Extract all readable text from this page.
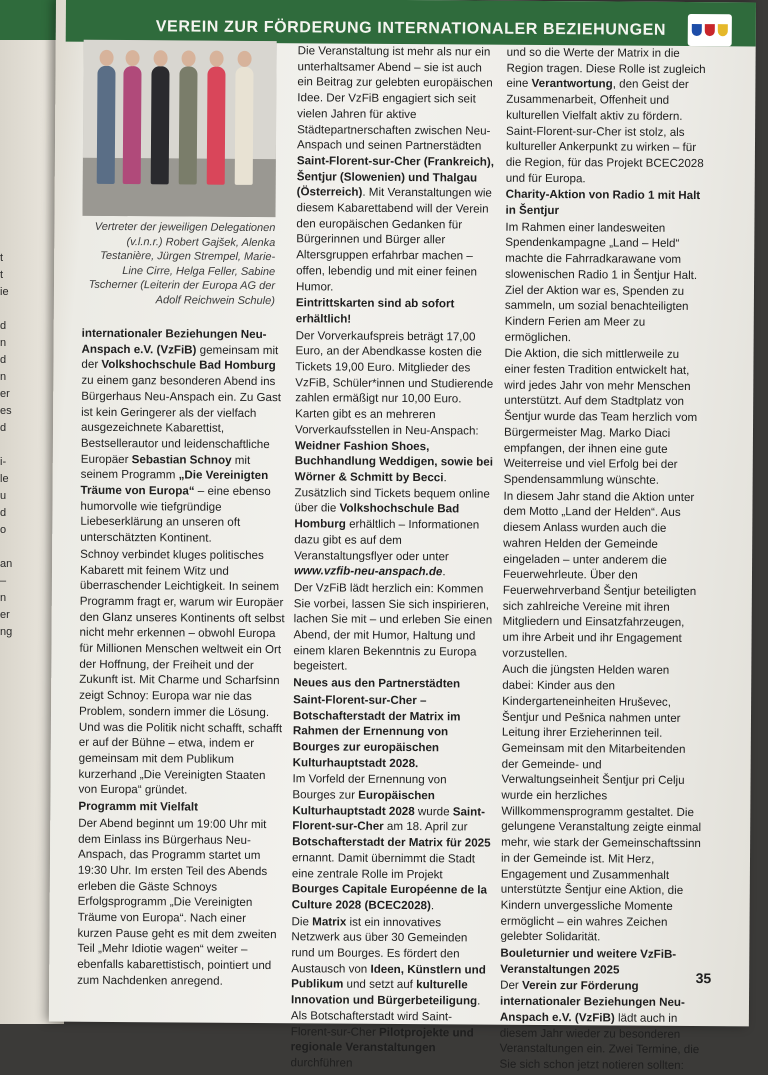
t
t
ie

d
n
d
n
er
es
d

i-
le
u
d
o

an
–
n
er
ng
VEREIN ZUR FÖRDERUNG INTERNATIONALER BEZIEHUNGEN
Vertreter der jeweiligen Delegationen (v.l.n.r.) Robert Gajšek, Alenka Testanière, Jürgen Strempel, Marie-Line Cirre, Helga Feller, Sabine Tscherner (Leiterin der Europa AG der Adolf Reichwein Schule)

internationaler Beziehungen Neu-Anspach e.V. (VzFiB) gemeinsam mit der Volkshochschule Bad Homburg zu einem ganz besonderen Abend ins Bürgerhaus Neu-Anspach ein. Zu Gast ist kein Geringerer als der vielfach ausgezeichnete Kabarettist, Bestsellerautor und leidenschaftliche Europäer Sebastian Schnoy mit seinem Programm „Die Vereinigten Träume von Europa“ – eine ebenso humorvolle wie tiefgründige Liebeserklärung an unseren oft unterschätzten Kontinent.

Schnoy verbindet kluges politisches Kabarett mit feinem Witz und überraschender Leichtigkeit. In seinem Programm fragt er, warum wir Europäer den Glanz unseres Kontinents oft selbst nicht mehr erkennen – obwohl Europa für Millionen Menschen weltweit ein Ort der Hoffnung, der Freiheit und der Zukunft ist. Mit Charme und Scharfsinn zeigt Schnoy: Europa war nie das Problem, sondern immer die Lösung. Und was die Politik nicht schafft, schafft er auf der Bühne – etwa, indem er gemeinsam mit dem Publikum kurzerhand „Die Vereinigten Staaten von Europa“ gründet.

Programm mit Vielfalt

Der Abend beginnt um 19:00 Uhr mit dem Einlass ins Bürgerhaus Neu-Anspach, das Programm startet um 19:30 Uhr. Im ersten Teil des Abends erleben die Gäste Schnoys Erfolgsprogramm „Die Vereinigten Träume von Europa“. Nach einer kurzen Pause geht es mit dem zweiten Teil „Mehr Idiotie wagen“ weiter – ebenfalls kabarettistisch, pointiert und zum Nachdenken anregend.

Die Veranstaltung ist mehr als nur ein unterhaltsamer Abend – sie ist auch ein Beitrag zur gelebten europäischen Idee. Der VzFiB engagiert sich seit vielen Jahren für aktive Städtepartnerschaften zwischen Neu-Anspach und seinen Partnerstädten Saint-Florent-sur-Cher (Frankreich), Šentjur (Slowenien) und Thalgau (Österreich). Mit Veranstaltungen wie diesem Kabarettabend will der Verein den europäischen Gedanken für Bürgerinnen und Bürger aller Altersgruppen erfahrbar machen – offen, lebendig und mit einer feinen Humor.

Eintrittskarten sind ab sofort erhältlich!

Der Vorverkaufspreis beträgt 17,00 Euro, an der Abendkasse kosten die Tickets 19,00 Euro. Mitglieder des VzFiB, Schüler*innen und Studierende zahlen ermäßigt nur 10,00 Euro. Karten gibt es an mehreren Vorverkaufsstellen in Neu-Anspach: Weidner Fashion Shoes, Buchhandlung Weddigen, sowie bei Wörner & Schmitt by Becci. Zusätzlich sind Tickets bequem online über die Volkshochschule Bad Homburg erhältlich – Informationen dazu gibt es auf dem Veranstaltungsflyer oder unter www.vzfib-neu-anspach.de.

Der VzFiB lädt herzlich ein: Kommen Sie vorbei, lassen Sie sich inspirieren, lachen Sie mit – und erleben Sie einen Abend, der mit Humor, Haltung und einem klaren Bekenntnis zu Europa begeistert.

Neues aus den Partnerstädten

Saint-Florent-sur-Cher – Botschafterstadt der Matrix im Rahmen der Ernennung von Bourges zur europäischen Kulturhauptstadt 2028.

Im Vorfeld der Ernennung von Bourges zur Europäischen Kulturhauptstadt 2028 wurde Saint-Florent-sur-Cher am 18. April zur Botschafterstadt der Matrix für 2025 ernannt. Damit übernimmt die Stadt eine zentrale Rolle im Projekt Bourges Capitale Européenne de la Culture 2028 (BCEC2028).

Die Matrix ist ein innovatives Netzwerk aus über 30 Gemeinden rund um Bourges. Es fördert den Austausch von Ideen, Künstlern und Publikum und setzt auf kulturelle Innovation und Bürgerbeteiligung. Als Botschafterstadt wird Saint-Florent-sur-Cher Pilotprojekte und regionale Veranstaltungen durchführen

und so die Werte der Matrix in die Region tragen. Diese Rolle ist zugleich eine Verantwortung, den Geist der Zusammenarbeit, Offenheit und kulturellen Vielfalt aktiv zu fördern. Saint-Florent-sur-Cher ist stolz, als kultureller Ankerpunkt zu wirken – für die Region, für das Projekt BCEC2028 und für Europa.

Charity-Aktion von Radio 1 mit Halt in Šentjur

Im Rahmen einer landesweiten Spendenkampagne „Land – Held“ machte die Fahrradkarawane vom slowenischen Radio 1 in Šentjur Halt. Ziel der Aktion war es, Spenden zu sammeln, um sozial benachteiligten Kindern Ferien am Meer zu ermöglichen.

Die Aktion, die sich mittlerweile zu einer festen Tradition entwickelt hat, wird jedes Jahr von mehr Menschen unterstützt. Auf dem Stadtplatz von Šentjur wurde das Team herzlich vom Bürgermeister Mag. Marko Diaci empfangen, der ihnen eine gute Weiterreise und viel Erfolg bei der Spendensammlung wünschte.

In diesem Jahr stand die Aktion unter dem Motto „Land der Helden“. Aus diesem Anlass wurden auch die wahren Helden der Gemeinde eingeladen – unter anderem die Feuerwehrleute. Über den Feuerwehrverband Šentjur beteiligten sich zahlreiche Vereine mit ihren Mitgliedern und Einsatzfahrzeugen, um ihre Arbeit und ihr Engagement vorzustellen.

Auch die jüngsten Helden waren dabei: Kinder aus den Kindergarteneinheiten Hruševec, Šentjur und Pešnica nahmen unter Leitung ihrer Erzieherinnen teil. Gemeinsam mit den Mitarbeitenden der Gemeinde- und Verwaltungseinheit Šentjur pri Celju wurde ein herzliches Willkommensprogramm gestaltet. Die gelungene Veranstaltung zeigte einmal mehr, wie stark der Gemeinschaftssinn in der Gemeinde ist. Mit Herz, Engagement und Zusammenhalt unterstützte Šentjur eine Aktion, die Kindern unvergessliche Momente ermöglicht – ein wahres Zeichen gelebter Solidarität.

Bouleturnier und weitere VzFiB-Veranstaltungen 2025

Der Verein zur Förderung internationaler Beziehungen Neu-Anspach e.V. (VzFiB) lädt auch in diesem Jahr wieder zu besonderen Veranstaltungen ein. Zwei Termine, die Sie sich schon jetzt notieren sollten:

35
